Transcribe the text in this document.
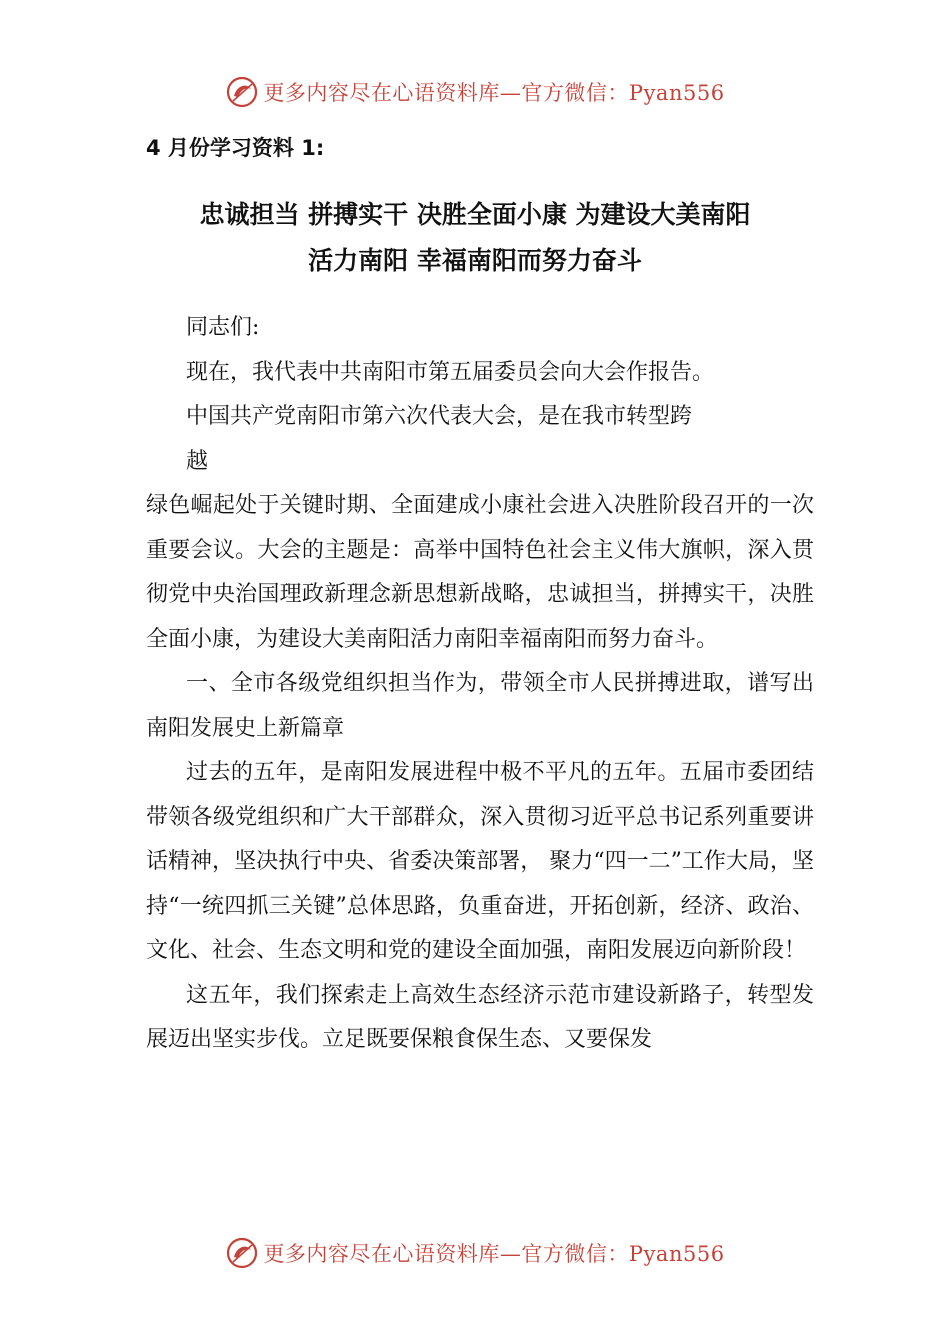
更多内容尽在心语资料库—官方微信：Pyan556

4 月份学习资料 1:

忠诚担当 拼搏实干 决胜全面小康 为建设大美南阳
活力南阳 幸福南阳而努力奋斗

同志们:

现在，我代表中共南阳市第五届委员会向大会作报告。

中国共产党南阳市第六次代表大会，是在我市转型跨

越

绿色崛起处于关键时期、全面建成小康社会进入决胜阶段召开的一次重要会议。大会的主题是：高举中国特色社会主义伟大旗帜，深入贯彻党中央治国理政新理念新思想新战略，忠诚担当，拼搏实干，决胜全面小康，为建设大美南阳活力南阳幸福南阳而努力奋斗。

一、全市各级党组织担当作为，带领全市人民拼搏进取，谱写出南阳发展史上新篇章

过去的五年，是南阳发展进程中极不平凡的五年。五届市委团结带领各级党组织和广大干部群众，深入贯彻习近平总书记系列重要讲话精神，坚决执行中央、省委决策部署， 聚力“四一二”工作大局，坚持“一统四抓三关键”总体思路，负重奋进，开拓创新，经济、政治、文化、社会、生态文明和党的建设全面加强，南阳发展迈向新阶段！

这五年，我们探索走上高效生态经济示范市建设新路子，转型发展迈出坚实步伐。立足既要保粮食保生态、又要保发

更多内容尽在心语资料库—官方微信：Pyan556
